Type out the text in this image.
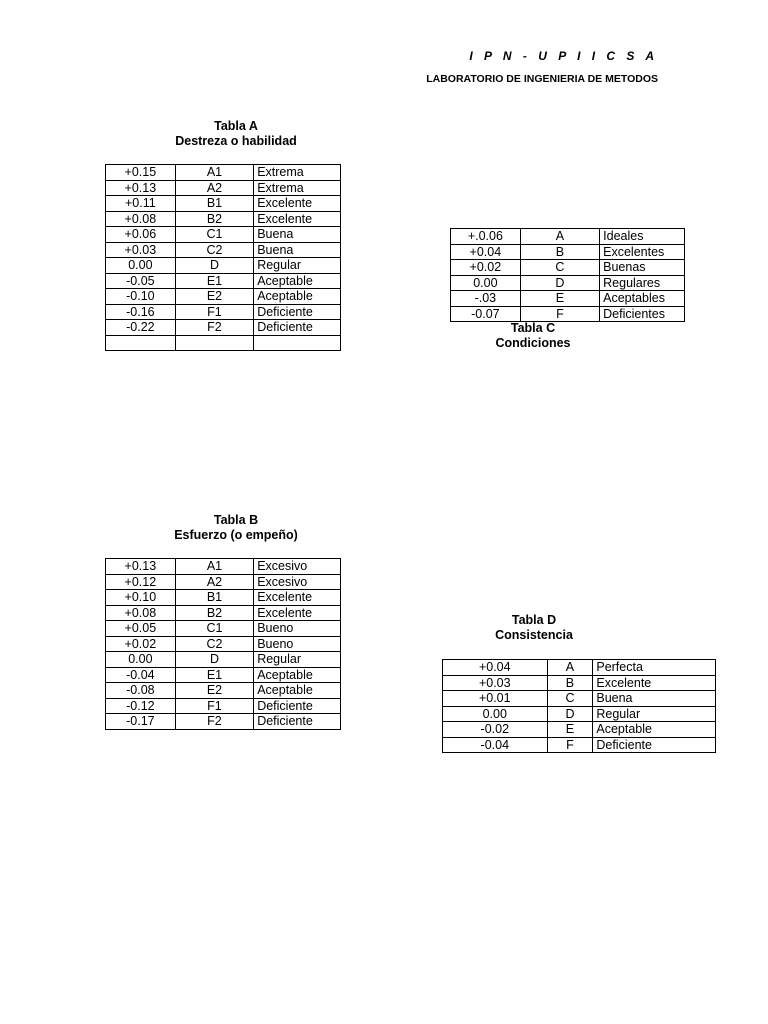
I P N - U P I I C S A
LABORATORIO DE INGENIERIA DE METODOS
Tabla A
Destreza o habilidad
+0.15	A1	Extrema
+0.13	A2	Extrema
+0.11	B1	Excelente
+0.08	B2	Excelente
+0.06	C1	Buena
+0.03	C2	Buena
0.00	D	Regular
-0.05	E1	Aceptable
-0.10	E2	Aceptable
-0.16	F1	Deficiente
-0.22	F2	Deficiente

+.0.06	A	Ideales
+0.04	B	Excelentes
+0.02	C	Buenas
0.00	D	Regulares
-.03	E	Aceptables
-0.07	F	Deficientes
Tabla C
Condiciones
Tabla B
Esfuerzo (o empeño)
+0.13	A1	Excesivo
+0.12	A2	Excesivo
+0.10	B1	Excelente
+0.08	B2	Excelente
+0.05	C1	Bueno
+0.02	C2	Bueno
0.00	D	Regular
-0.04	E1	Aceptable
-0.08	E2	Aceptable
-0.12	F1	Deficiente
-0.17	F2	Deficiente
Tabla D
Consistencia
+0.04	A	Perfecta
+0.03	B	Excelente
+0.01	C	Buena
0.00	D	Regular
-0.02	E	Aceptable
-0.04	F	Deficiente
